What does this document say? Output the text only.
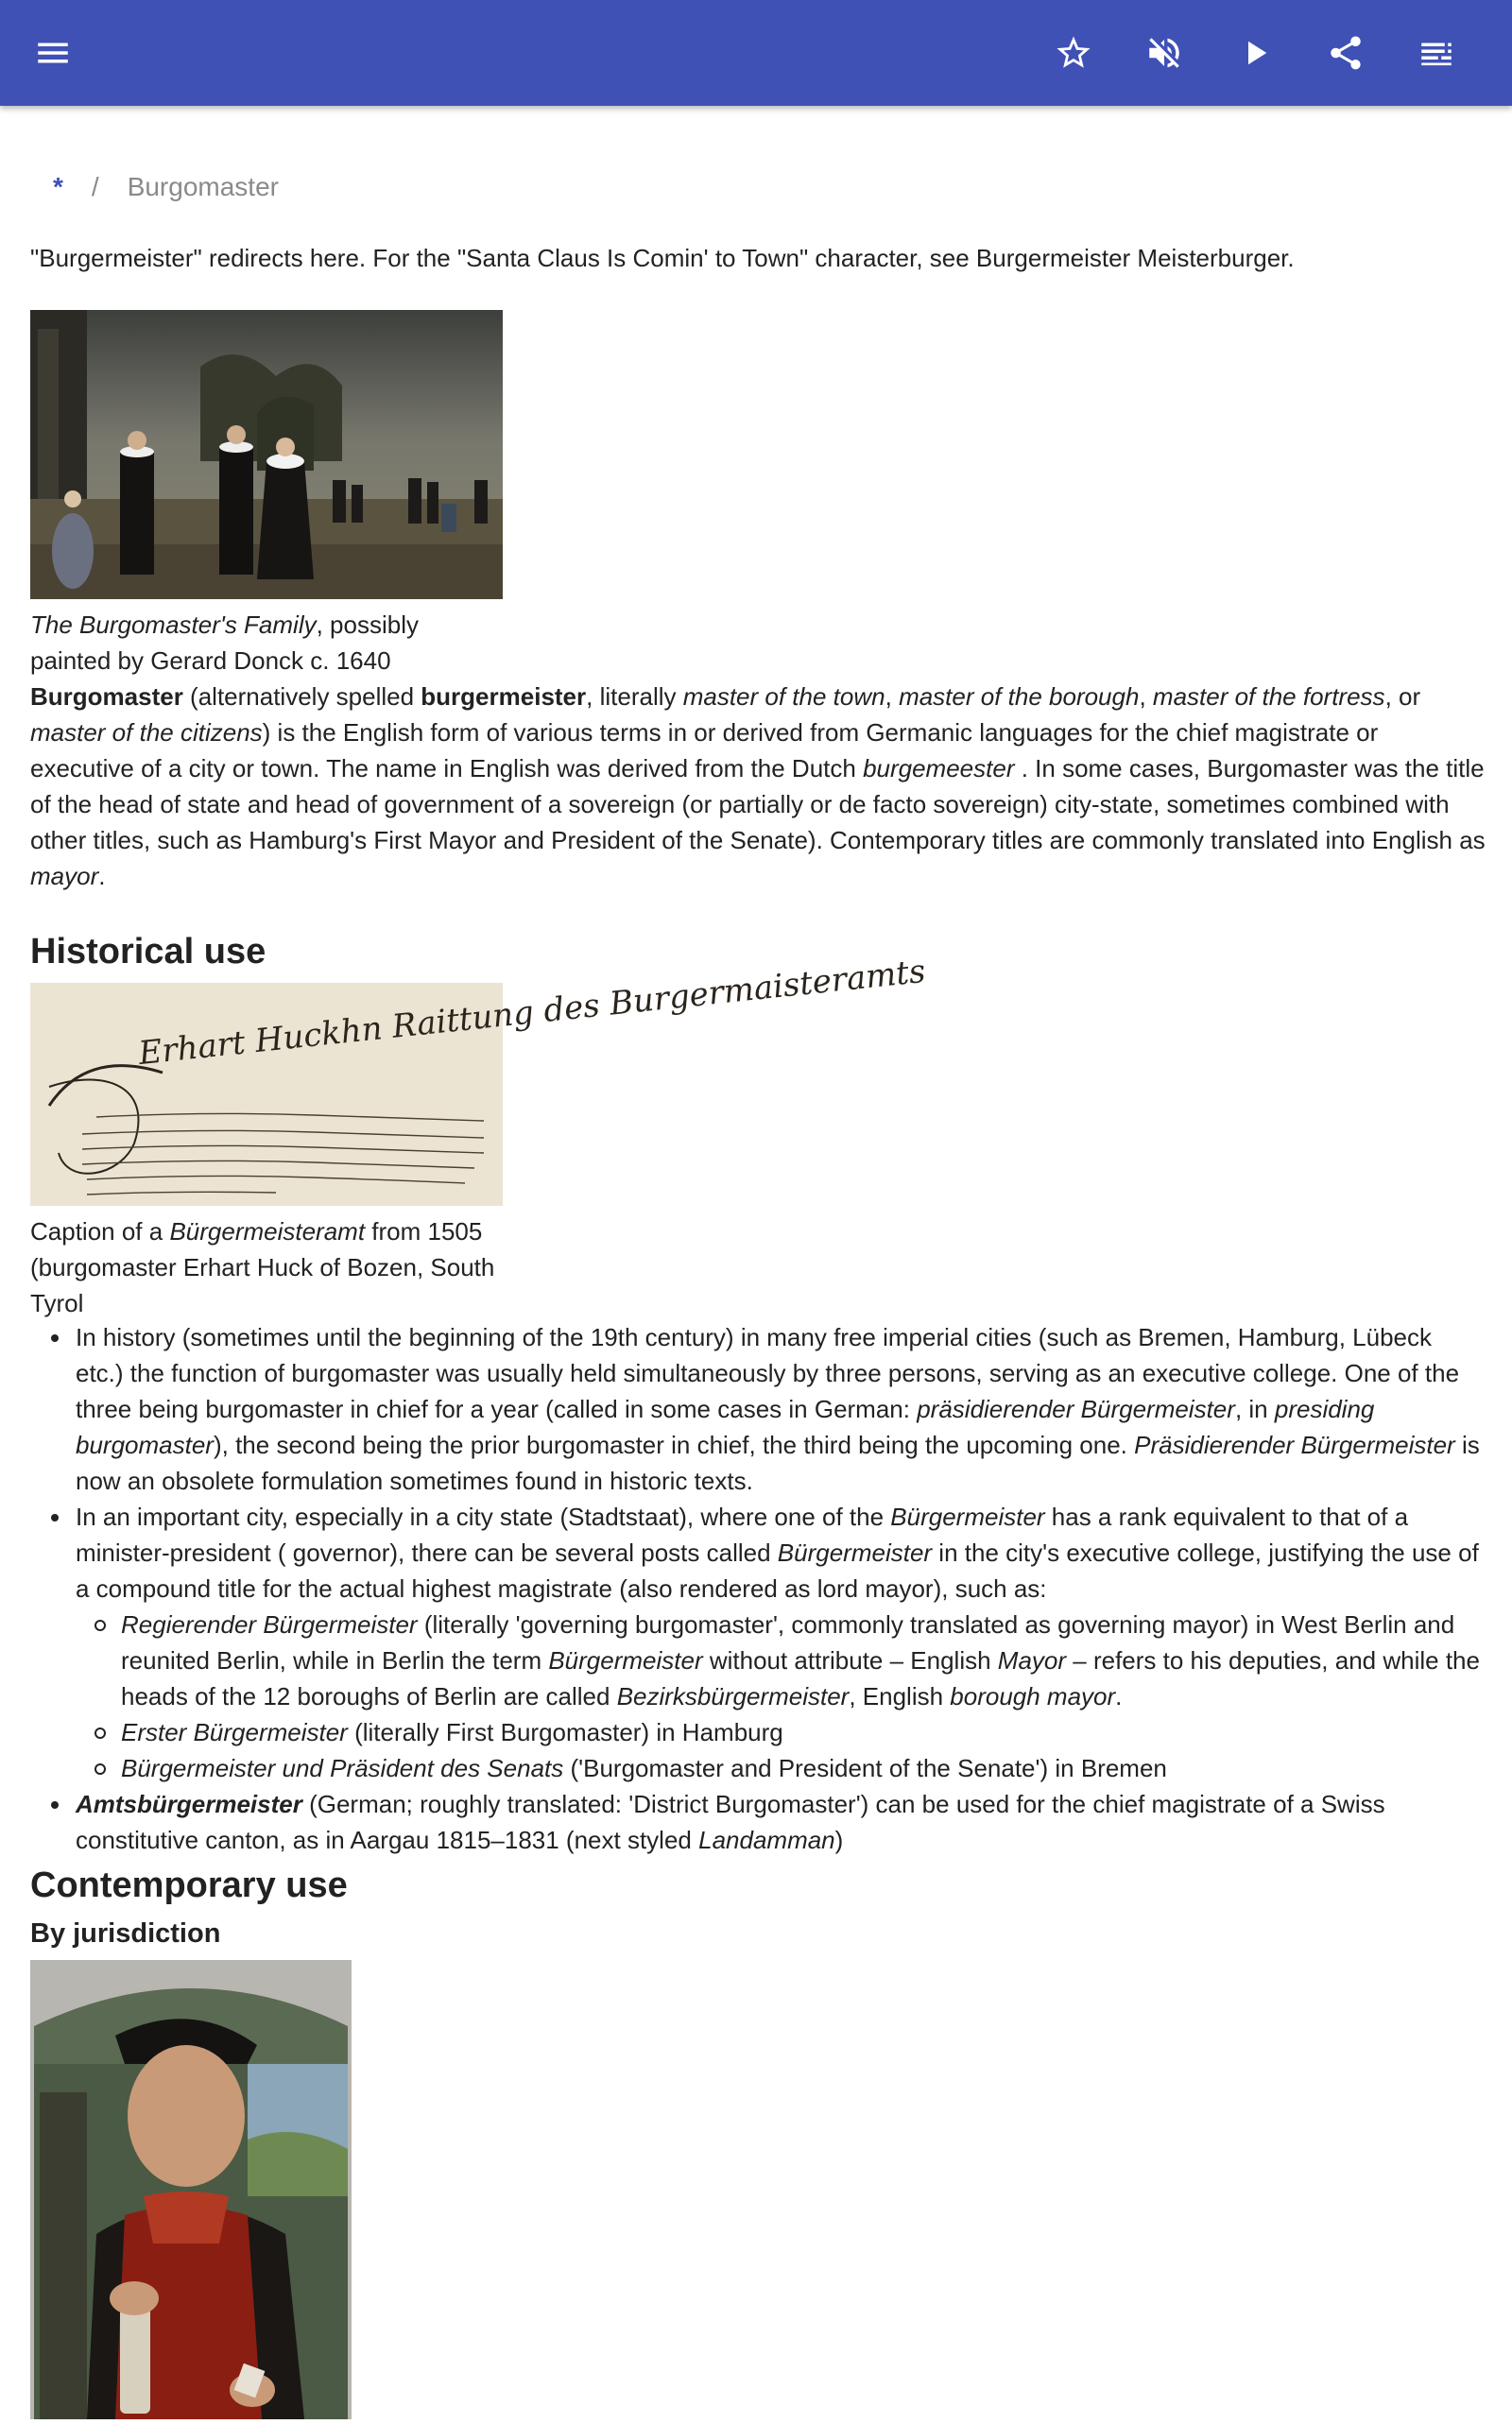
* / Burgomaster
"Burgermeister" redirects here. For the "Santa Claus Is Comin' to Town" character, see Burgermeister Meisterburger.
The Burgomaster's Family, possibly painted by Gerard Donck c. 1640
Burgomaster (alternatively spelled burgermeister, literally master of the town, master of the borough, master of the fortress, or master of the citizens) is the English form of various terms in or derived from Germanic languages for the chief magistrate or executive of a city or town. The name in English was derived from the Dutch burgemeester . In some cases, Burgomaster was the title of the head of state and head of government of a sovereign (or partially or de facto sovereign) city-state, sometimes combined with other titles, such as Hamburg's First Mayor and President of the Senate). Contemporary titles are commonly translated into English as mayor.
Historical use
Erhart Huckhn Raittung des Burgermaisteramts
Caption of a Bürgermeisteramt from 1505 (burgomaster Erhart Huck of Bozen, South Tyrol
In history (sometimes until the beginning of the 19th century) in many free imperial cities (such as Bremen, Hamburg, Lübeck etc.) the function of burgomaster was usually held simultaneously by three persons, serving as an executive college. One of the three being burgomaster in chief for a year (called in some cases in German: präsidierender Bürgermeister, in presiding burgomaster), the second being the prior burgomaster in chief, the third being the upcoming one. Präsidierender Bürgermeister is now an obsolete formulation sometimes found in historic texts.
In an important city, especially in a city state (Stadtstaat), where one of the Bürgermeister has a rank equivalent to that of a minister-president ( governor), there can be several posts called Bürgermeister in the city's executive college, justifying the use of a compound title for the actual highest magistrate (also rendered as lord mayor), such as:
Regierender Bürgermeister (literally 'governing burgomaster', commonly translated as governing mayor) in West Berlin and reunited Berlin, while in Berlin the term Bürgermeister without attribute – English Mayor – refers to his deputies, and while the heads of the 12 boroughs of Berlin are called Bezirksbürgermeister, English borough mayor.
Erster Bürgermeister (literally First Burgomaster) in Hamburg
Bürgermeister und Präsident des Senats ('Burgomaster and President of the Senate') in Bremen
Amtsbürgermeister (German; roughly translated: 'District Burgomaster') can be used for the chief magistrate of a Swiss constitutive canton, as in Aargau 1815–1831 (next styled Landamman)
Contemporary use
By jurisdiction
